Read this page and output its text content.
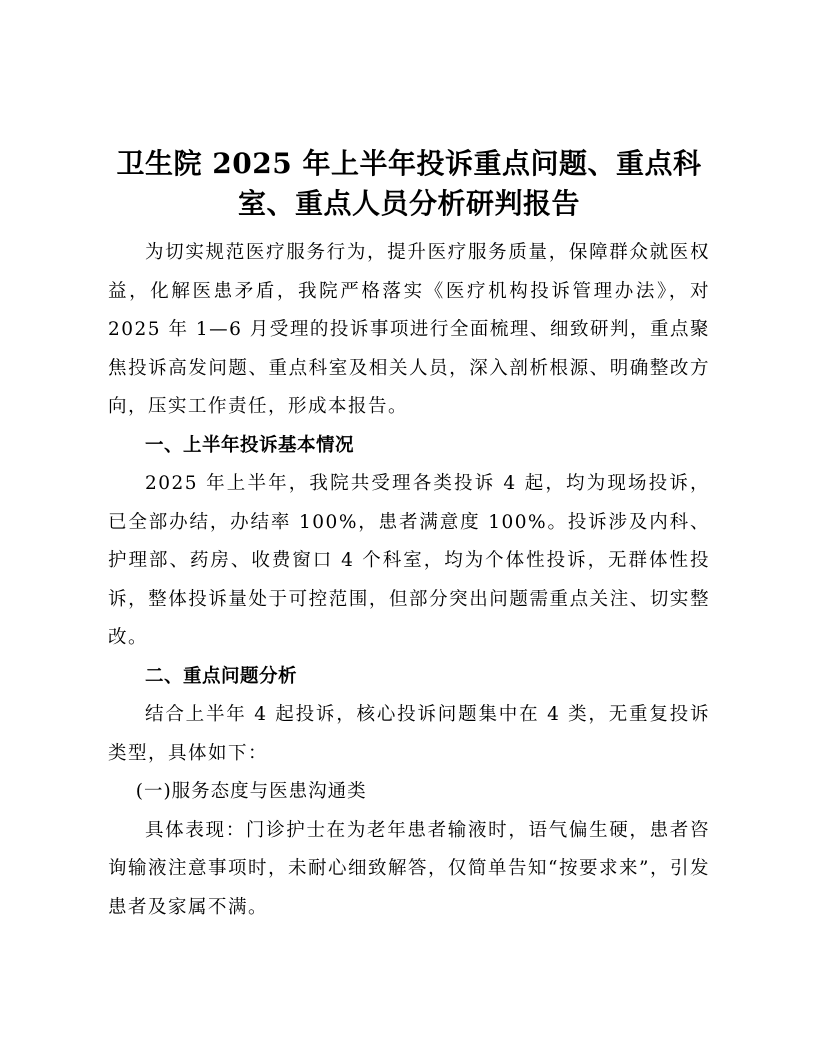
卫生院 2025 年上半年投诉重点问题、重点科
室、重点人员分析研判报告

为切实规范医疗服务行为，提升医疗服务质量，保障群众就医权益，化解医患矛盾，我院严格落实《医疗机构投诉管理办法》，对 2025 年 1—6 月受理的投诉事项进行全面梳理、细致研判，重点聚焦投诉高发问题、重点科室及相关人员，深入剖析根源、明确整改方向，压实工作责任，形成本报告。

一、上半年投诉基本情况

2025 年上半年，我院共受理各类投诉 4 起，均为现场投诉，已全部办结，办结率 100%，患者满意度 100%。投诉涉及内科、护理部、药房、收费窗口 4 个科室，均为个体性投诉，无群体性投诉，整体投诉量处于可控范围，但部分突出问题需重点关注、切实整改。

二、重点问题分析

结合上半年 4 起投诉，核心投诉问题集中在 4 类，无重复投诉类型，具体如下：

(一)服务态度与医患沟通类

具体表现：门诊护士在为老年患者输液时，语气偏生硬，患者咨询输液注意事项时，未耐心细致解答，仅简单告知“按要求来”，引发患者及家属不满。
